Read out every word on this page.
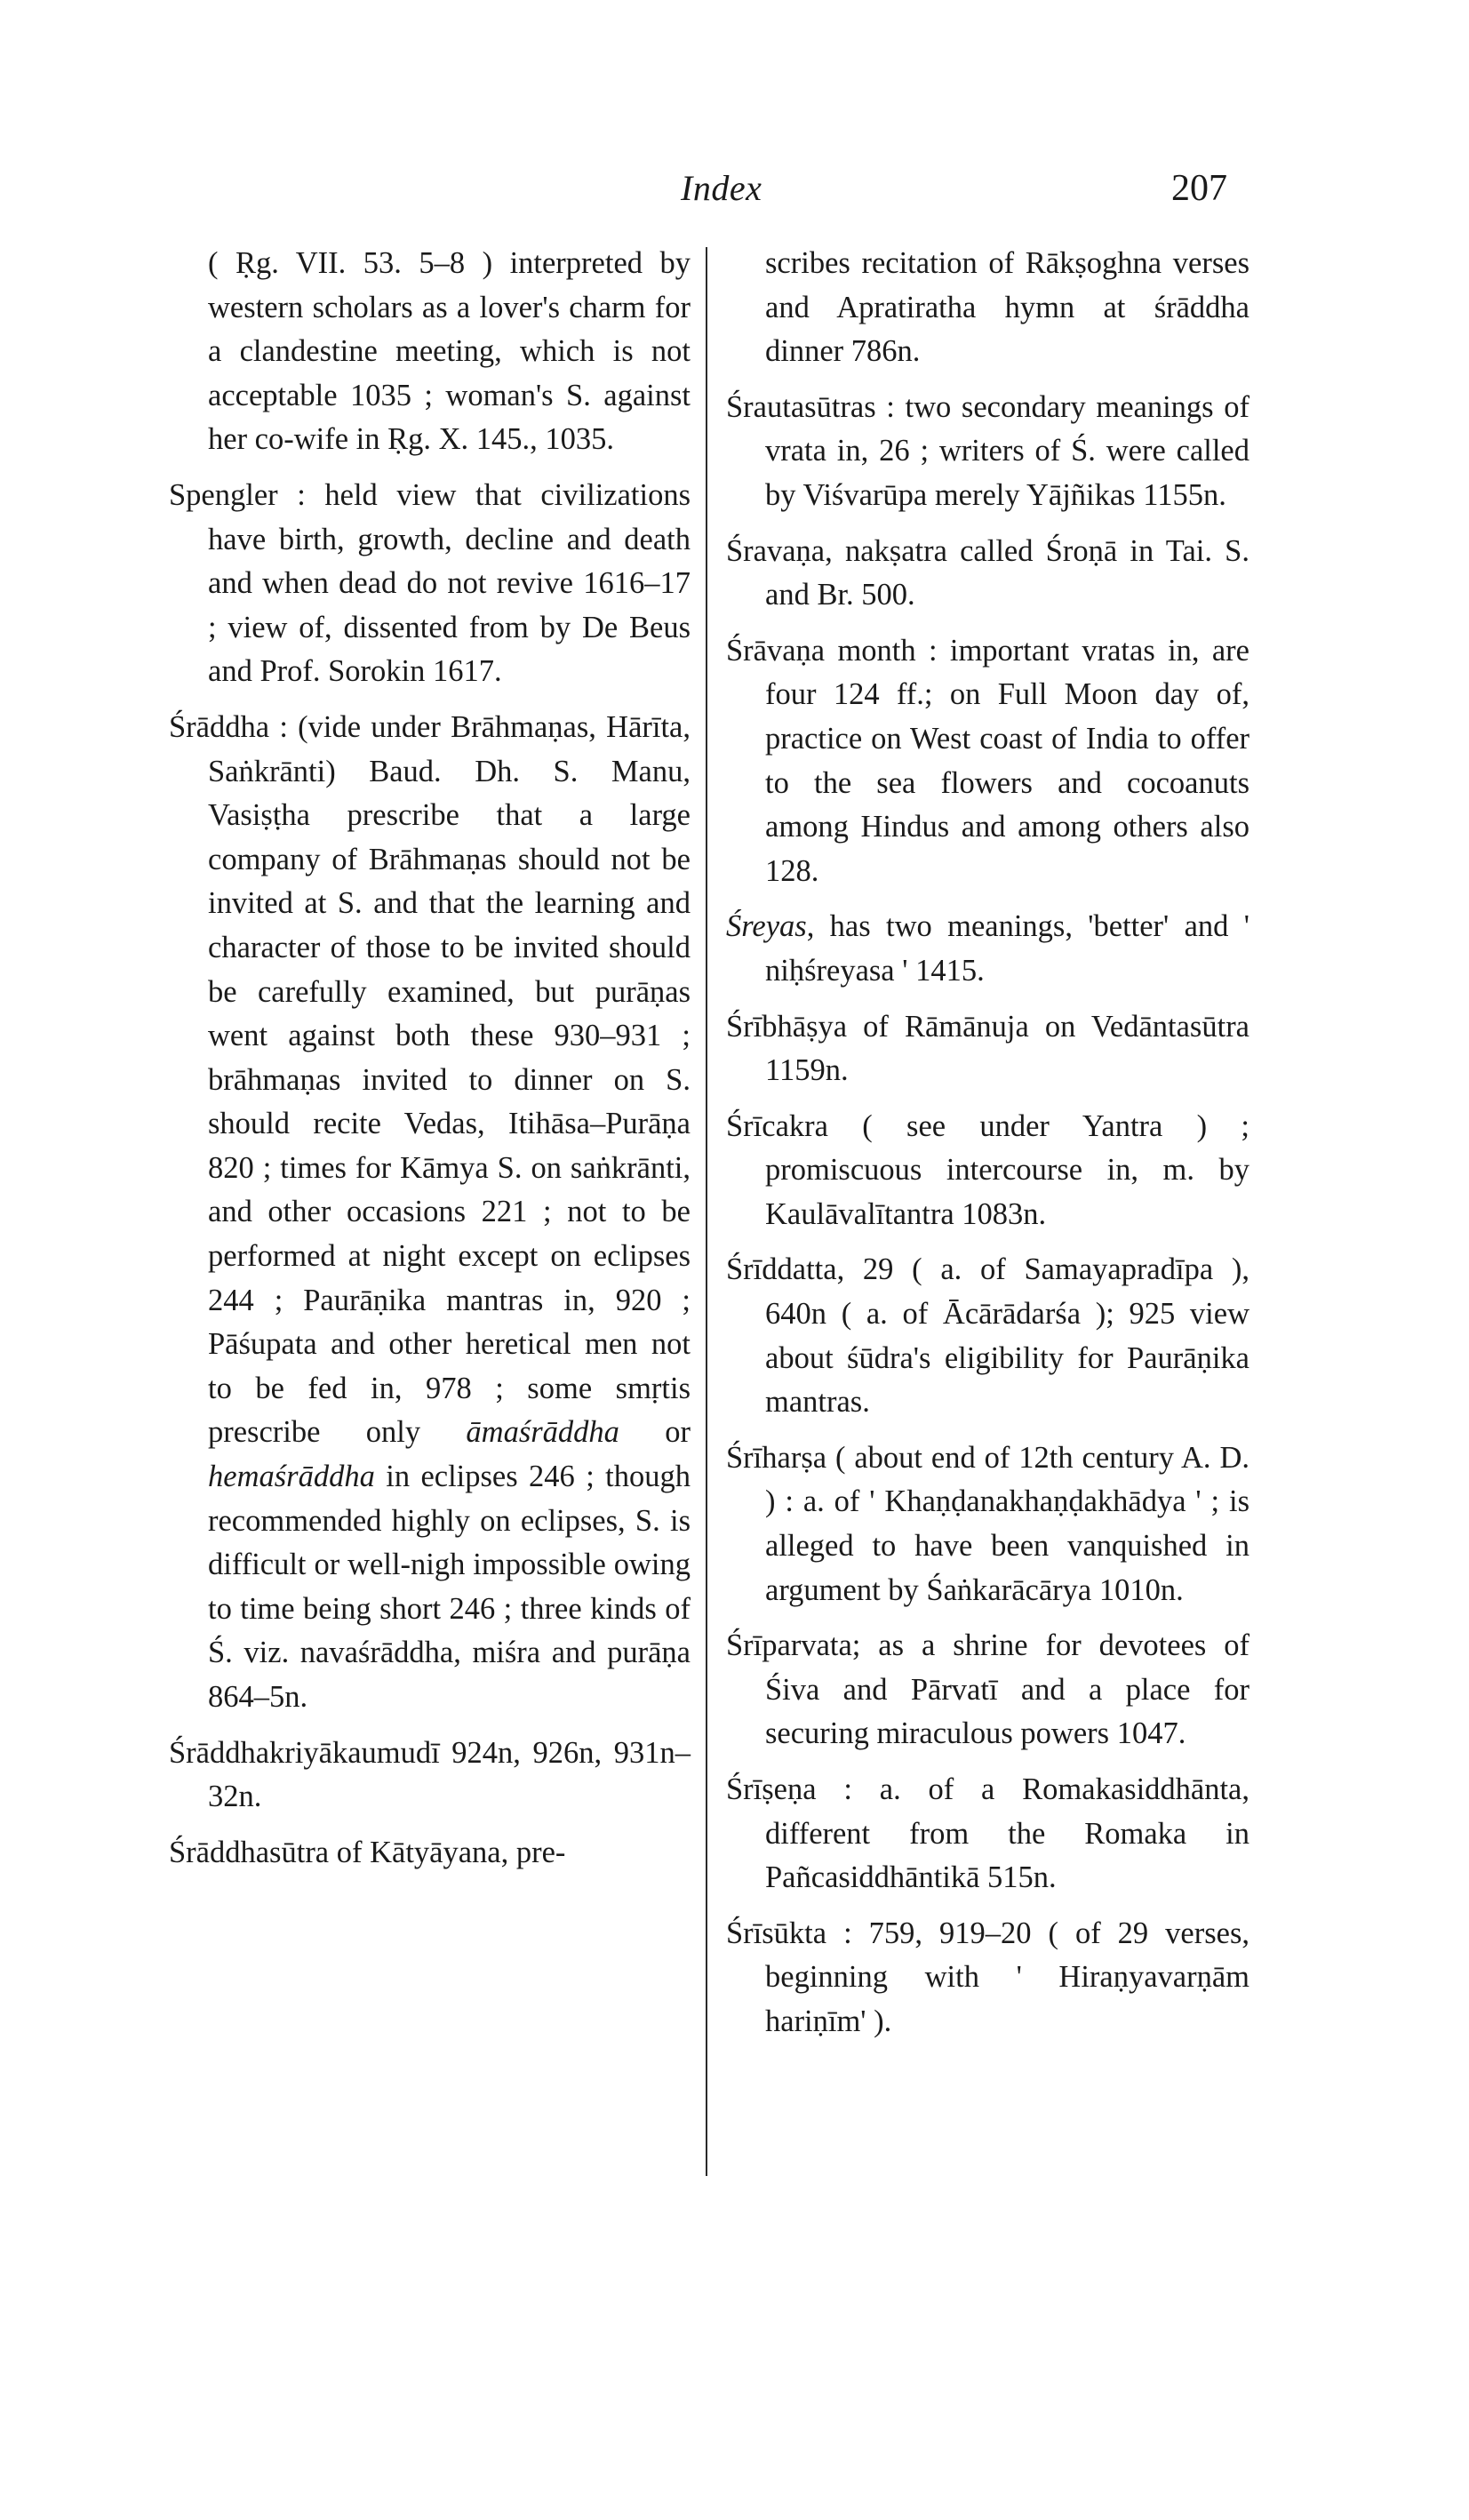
Index	207

( Ṛg. VII. 53. 5–8 ) interpreted by western scholars as a lover's charm for a clandestine meeting, which is not acceptable 1035 ; woman's S. against her co-wife in Ṛg. X. 145., 1035.

Spengler : held view that civilizations have birth, growth, decline and death and when dead do not revive 1616–17 ; view of, dissented from by De Beus and Prof. Sorokin 1617.

Śrāddha : (vide under Brāhmaṇas, Hārīta, Saṅkrānti) Baud. Dh. S. Manu, Vasiṣṭha prescribe that a large company of Brāhmaṇas should not be invited at S. and that the learning and character of those to be invited should be carefully examined, but purāṇas went against both these 930–931 ; brāhmaṇas invited to dinner on S. should recite Vedas, Itihāsa–Purāṇa 820 ; times for Kāmya S. on saṅkrānti, and other occasions 221 ; not to be performed at night except on eclipses 244 ; Paurāṇika mantras in, 920 ; Pāśupata and other heretical men not to be fed in, 978 ; some smṛtis prescribe only āmaśrāddha or hemaśrāddha in eclipses 246 ; though recommended highly on eclipses, S. is difficult or well-nigh impossible owing to time being short 246 ; three kinds of Ś. viz. navaśrāddha, miśra and purāṇa 864–5n.

Śrāddhakriyākaumudī 924n, 926n, 931n–32n.

Śrāddhasūtra of Kātyāyana, pre-

scribes recitation of Rākṣoghna verses and Apratiratha hymn at śrāddha dinner 786n.

Śrautasūtras : two secondary meanings of vrata in, 26 ; writers of Ś. were called by Viśvarūpa merely Yājñikas 1155n.

Śravaṇa, nakṣatra called Śroṇā in Tai. S. and Br. 500.

Śrāvaṇa month : important vratas in, are four 124 ff.; on Full Moon day of, practice on West coast of India to offer to the sea flowers and cocoanuts among Hindus and among others also 128.

Śreyas, has two meanings, 'better' and ' niḥśreyasa ' 1415.

Śrībhāṣya of Rāmānuja on Vedāntasūtra 1159n.

Śrīcakra ( see under Yantra ) ; promiscuous intercourse in, m. by Kaulāvalītantra 1083n.

Śrīddatta, 29 ( a. of Samayapradīpa ), 640n ( a. of Ācārādarśa ); 925 view about śūdra's eligibility for Paurāṇika mantras.

Śrīharṣa ( about end of 12th century A. D. ) : a. of ' Khaṇḍanakhaṇḍakhādya ' ; is alleged to have been vanquished in argument by Śaṅkarācārya 1010n.

Śrīparvata; as a shrine for devotees of Śiva and Pārvatī and a place for securing miraculous powers 1047.

Śrīṣeṇa : a. of a Romakasiddhānta, different from the Romaka in Pañcasiddhāntikā 515n.

Śrīsūkta : 759, 919–20 ( of 29 verses, beginning with ' Hiraṇyavarṇām hariṇīm' ).
